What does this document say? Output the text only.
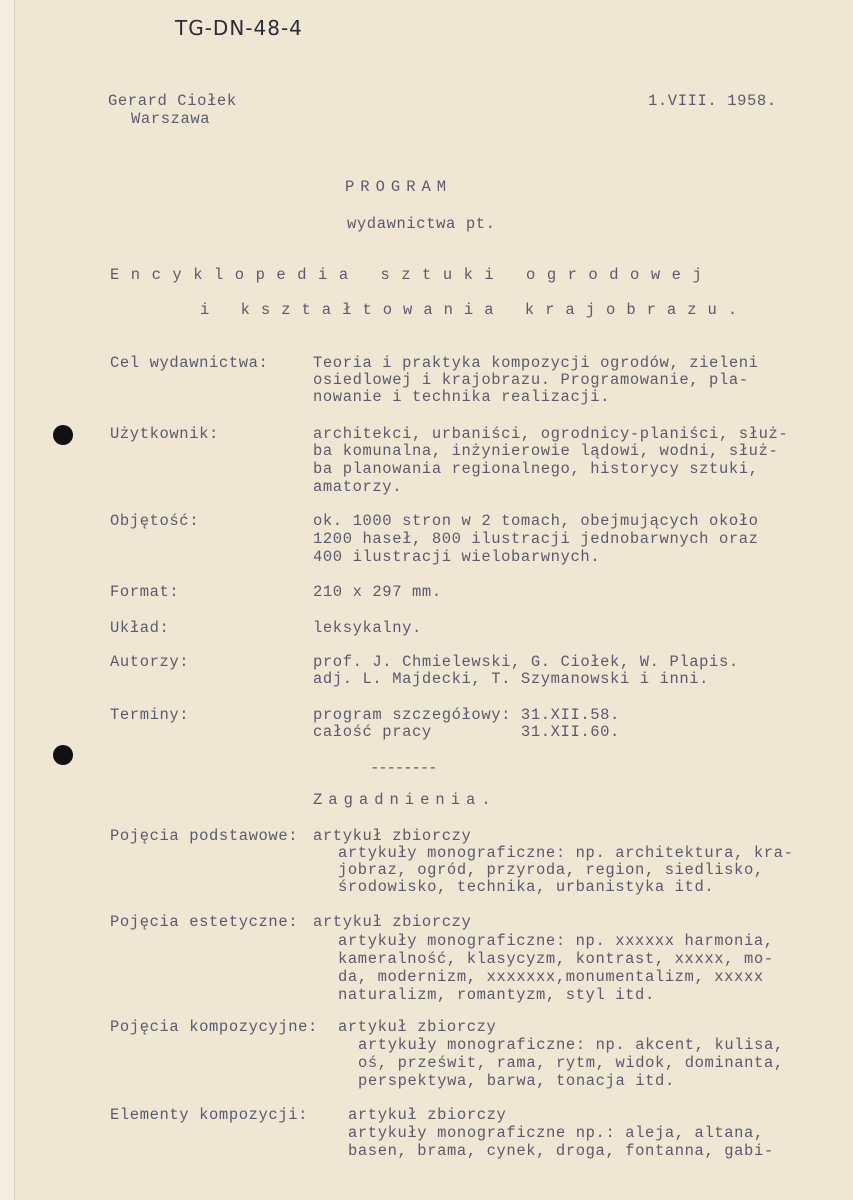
TG-DN-48-4
Gerard Ciołek
Warszawa
1.VIII. 1958.
PROGRAM
wydawnictwa pt.
Encyklopedia sztuki ogrodowej
i kształtowania krajobrazu.
Cel wydawnictwa:	Teoria i praktyka kompozycji ogrodów, zieleni
osiedlowej i krajobrazu. Programowanie, pla-
nowanie i technika realizacji.
Użytkownik:	architekci, urbaniści, ogrodnicy-planiści, służ-
ba komunalna, inżynierowie lądowi, wodni, służ-
ba planowania regionalnego, historycy sztuki,
amatorzy.
Objętość:	ok. 1000 stron w 2 tomach, obejmujących około
1200 haseł, 800 ilustracji jednobarwnych oraz
400 ilustracji wielobarwnych.
Format:	210 x 297 mm.
Układ:	leksykalny.
Autorzy:	prof. J. Chmielewski, G. Ciołek, W. Plapis.
adj. L. Majdecki, T. Szymanowski i inni.
Terminy:	program szczegółowy: 31.XII.58.
całość pracy         31.XII.60.
--------
Zagadnienia.
Pojęcia podstawowe: artykuł zbiorczy
artykuły monograficzne: np. architektura, kra-
jobraz, ogród, przyroda, region, siedlisko,
środowisko, technika, urbanistyka itd.
Pojęcia estetyczne: artykuł zbiorczy
artykuły monograficzne: np. xxxxxx harmonia,
kameralność, klasycyzm, kontrast, xxxxx, mo-
da, modernizm, xxxxxxx,monumentalizm, xxxxx
naturalizm, romantyzm, styl itd.
Pojęcia kompozycyjne: artykuł zbiorczy
artykuły monograficzne: np. akcent, kulisa,
oś, prześwit, rama, rytm, widok, dominanta,
perspektywa, barwa, tonacja itd.
Elementy kompozycji:	artykuł zbiorczy
artykuły monograficzne np.: aleja, altana,
basen, brama, cynek, droga, fontanna, gabi-
